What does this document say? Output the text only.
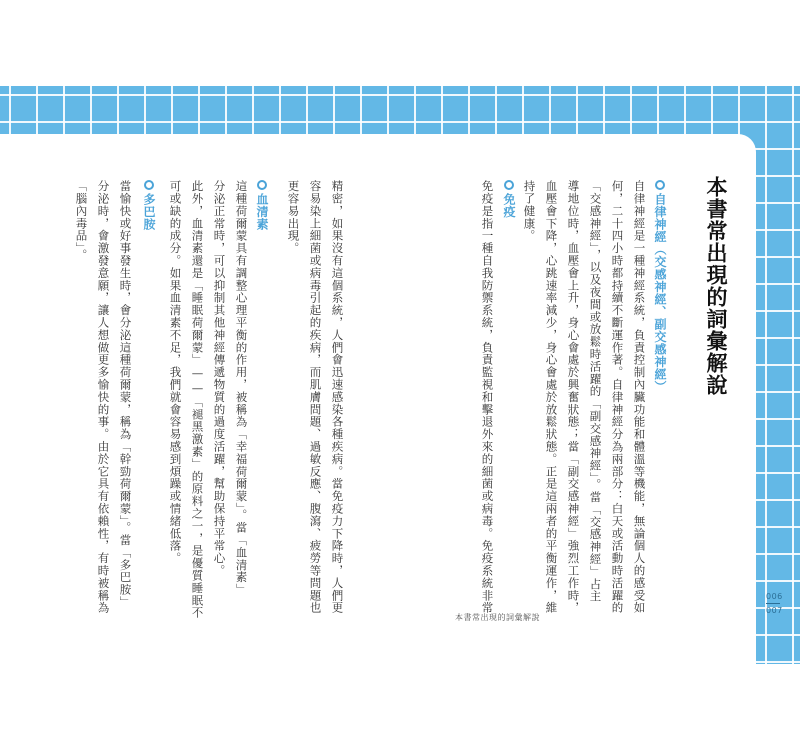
本書常出現的詞彙解說
自律神經（交感神經、副交感神經）
自律神經是一種神經系統，負責控制內臟功能和體溫等機能，無論個人的感受如
何，二十四小時都持續不斷運作著。自律神經分為兩部分：白天或活動時活躍的
「交感神經」，以及夜間或放鬆時活躍的「副交感神經」。當「交感神經」占主
導地位時，血壓會上升，身心會處於興奮狀態；當「副交感神經」強烈工作時，
血壓會下降，心跳速率減少，身心會處於放鬆狀態。正是這兩者的平衡運作，維
持了健康。
免疫
免疫是指一種自我防禦系統，負責監視和擊退外來的細菌或病毒。免疫系統非常
精密，如果沒有這個系統，人們會迅速感染各種疾病。當免疫力下降時，人們更
容易染上細菌或病毒引起的疾病，而肌膚問題、過敏反應、腹瀉、疲勞等問題也
更容易出現。
血清素
這種荷爾蒙具有調整心理平衡的作用，被稱為「幸福荷爾蒙」。當「血清素」
分泌正常時，可以抑制其他神經傳遞物質的過度活躍，幫助保持平常心。
此外，血清素還是「睡眠荷爾蒙」——「褪黑激素」的原料之一，是優質睡眠不
可或缺的成分。如果血清素不足，我們就會容易感到煩躁或情緒低落。
多巴胺
當愉快或好事發生時，會分泌這種荷爾蒙，稱為「幹勁荷爾蒙」。當「多巴胺」
分泌時，會激發意願，讓人想做更多愉快的事。由於它具有依賴性，有時被稱為
「腦內毒品」。
本書常出現的詞彙解說
006
007
